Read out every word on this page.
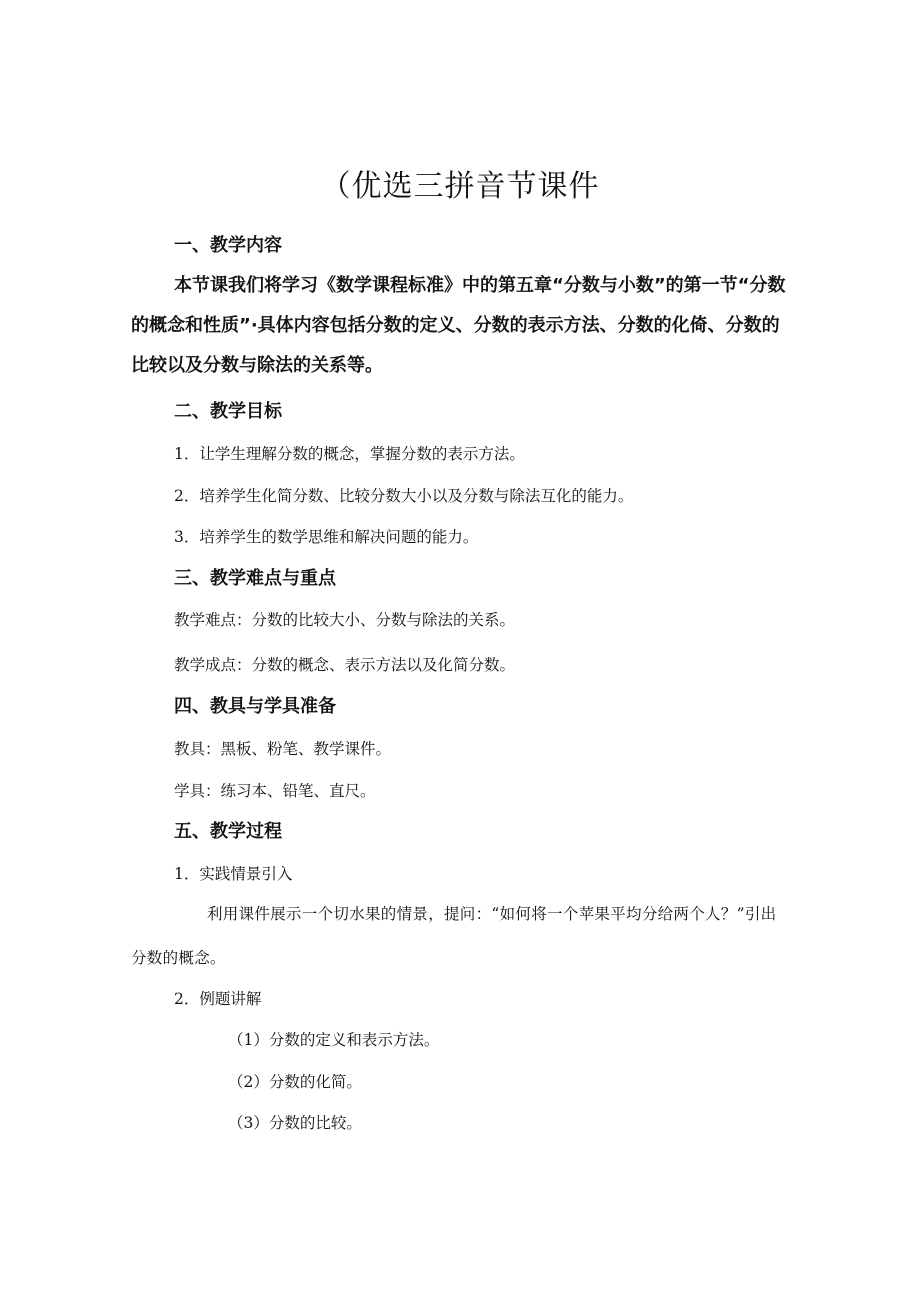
（优选三拼音节课件
一、教学内容

本节课我们将学习《数学课程标准》中的第五章“分数与小数”的第一节“分数的概念和性质”·具体内容包括分数的定义、分数的表示方法、分数的化倚、分数的比较以及分数与除法的关系等。

二、教学目标

1．让学生理解分数的概念，掌握分数的表示方法。

2．培养学生化简分数、比较分数大小以及分数与除法互化的能力。

3．培养学生的数学思维和解决问题的能力。

三、教学难点与重点

教学难点：分数的比较大小、分数与除法的关系。

教学成点：分数的概念、表示方法以及化简分数。

四、教具与学具准备

教具：黑板、粉笔、教学课件。

学具：练习本、铅笔、直尺。

五、教学过程

1．实践情景引入

利用课件展示一个切水果的情景，提问：“如何将一个苹果平均分给两个人？”引出分数的概念。

2．例题讲解

（1）分数的定义和表示方法。

（2）分数的化简。

（3）分数的比较。
